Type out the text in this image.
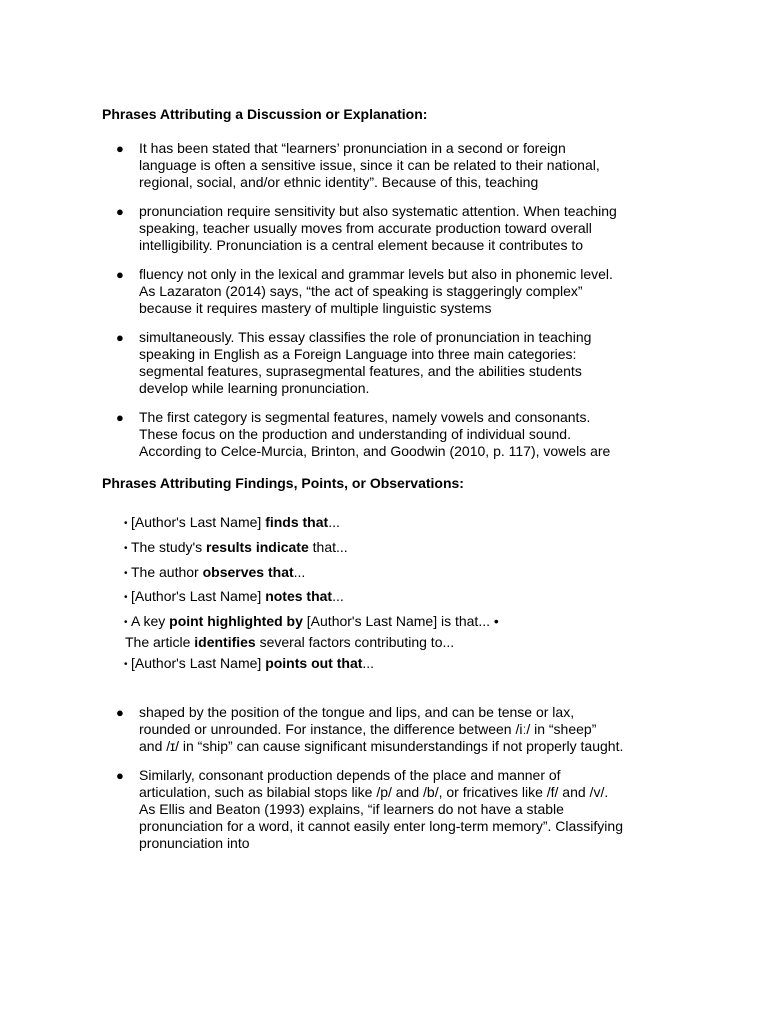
Phrases Attributing a Discussion or Explanation:
● It has been stated that “learners’ pronunciation in a second or foreign
language is often a sensitive issue, since it can be related to their national,
regional, social, and/or ethnic identity”. Because of this, teaching
● pronunciation require sensitivity but also systematic attention. When teaching
speaking, teacher usually moves from accurate production toward overall
intelligibility. Pronunciation is a central element because it contributes to
● fluency not only in the lexical and grammar levels but also in phonemic level.
As Lazaraton (2014) says, “the act of speaking is staggeringly complex”
because it requires mastery of multiple linguistic systems
● simultaneously. This essay classifies the role of pronunciation in teaching
speaking in English as a Foreign Language into three main categories:
segmental features, suprasegmental features, and the abilities students
develop while learning pronunciation.
● The first category is segmental features, namely vowels and consonants.
These focus on the production and understanding of individual sound.
According to Celce-Murcia, Brinton, and Goodwin (2010, p. 117), vowels are
Phrases Attributing Findings, Points, or Observations:
• [Author's Last Name] finds that...
• The study's results indicate that...
• The author observes that...
• [Author's Last Name] notes that...
• A key point highlighted by [Author's Last Name] is that... •
The article identifies several factors contributing to...
• [Author's Last Name] points out that...
● shaped by the position of the tongue and lips, and can be tense or lax,
rounded or unrounded. For instance, the difference between /iː/ in “sheep”
and /ɪ/ in “ship” can cause significant misunderstandings if not properly taught.
● Similarly, consonant production depends of the place and manner of
articulation, such as bilabial stops like /p/ and /b/, or fricatives like /f/ and /v/.
As Ellis and Beaton (1993) explains, “if learners do not have a stable
pronunciation for a word, it cannot easily enter long-term memory”. Classifying
pronunciation into
